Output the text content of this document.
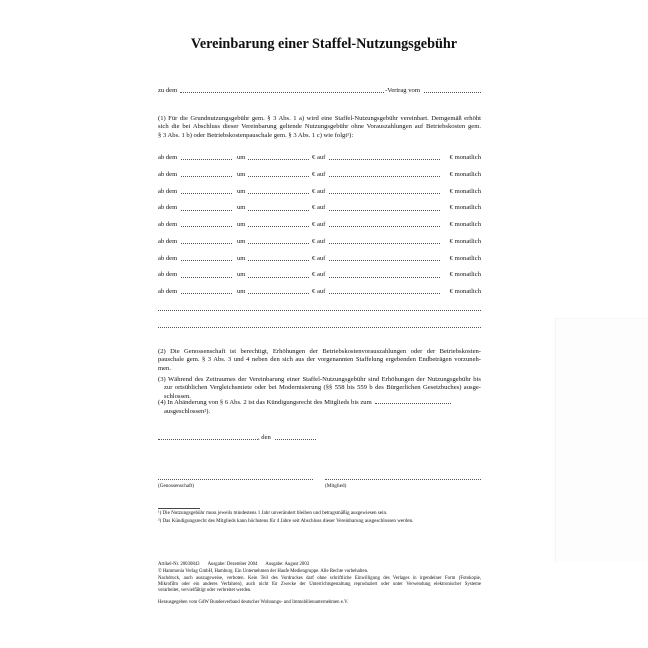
Vereinbarung einer Staffel-Nutzungsgebühr
zu dem	-Vertrag vom
(1) Für die Grundnutzungsgebühr gem. § 3 Abs. 1 a) wird eine Staffel-Nutzungsgebühr vereinbart. Demgemäß erhöht
sich die bei Abschluss dieser Vereinbarung geltende Nutzungsgebühr ohne Vorauszahlungen auf Betriebskosten gem.
§ 3 Abs. 1 b) oder Betriebskostenpauschale gem. § 3 Abs. 1 c) wie folgt¹):
ab dem	um	€ auf	€ monatlich
ab dem	um	€ auf	€ monatlich
ab dem	um	€ auf	€ monatlich
ab dem	um	€ auf	€ monatlich
ab dem	um	€ auf	€ monatlich
ab dem	um	€ auf	€ monatlich
ab dem	um	€ auf	€ monatlich
ab dem	um	€ auf	€ monatlich
ab dem	um	€ auf	€ monatlich
(2) Die Genossenschaft ist berechtigt, Erhöhungen der Betriebskostenvorauszahlungen oder der Betriebskosten-
pauschale gem. § 3 Abs. 3 und 4 neben den sich aus der vorgenannten Staffelung ergebenden Endbeträgen vorzuneh-
men.
(3) Während des Zeitraumes der Vereinbarung einer Staffel-Nutzungsgebühr sind Erhöhungen der Nutzungsgebühr bis
zur ortsüblichen Vergleichsmiete oder bei Modernisierung (§§ 558 bis 559 b des Bürgerlichen Gesetzbuches) ausge-
schlossen.
(4) In Abänderung von § 6 Abs. 2 ist das Kündigungsrecht des Mitglieds bis zum
ausgeschlossen²).
, den
(Genossenschaft)	(Mitglied)
¹) Die Nutzungsgebühr muss jeweils mindestens 1 Jahr unverändert bleiben und betragsmäßig ausgewiesen sein.
²) Das Kündigungsrecht des Mitglieds kann höchstens für 4 Jahre seit Abschluss dieser Vereinbarung ausgeschlossen werden.
Artikel-Nr. 20030843 Ausgabe: Dezember 2004 Ausgabe: August 2003
© Hammonia Verlag GmbH, Hamburg. Ein Unternehmen der Haufe Mediengruppe. Alle Rechte vorbehalten.
Nachdruck, auch auszugsweise, verboten. Kein Teil des Vordruckes darf ohne schriftliche Einwilligung des Verlages in irgendeiner Form (Fotokopie,
Mikrofilm oder ein anderes Verfahren), auch nicht für Zwecke der Unterrichtsgestaltung reproduziert oder unter Verwendung elektronischer Systeme
verarbeitet, vervielfältigt oder verbreitet werden.
Herausgegeben vom GdW Bundesverband deutscher Wohnungs- und Immobilienunternehmen e.V.
